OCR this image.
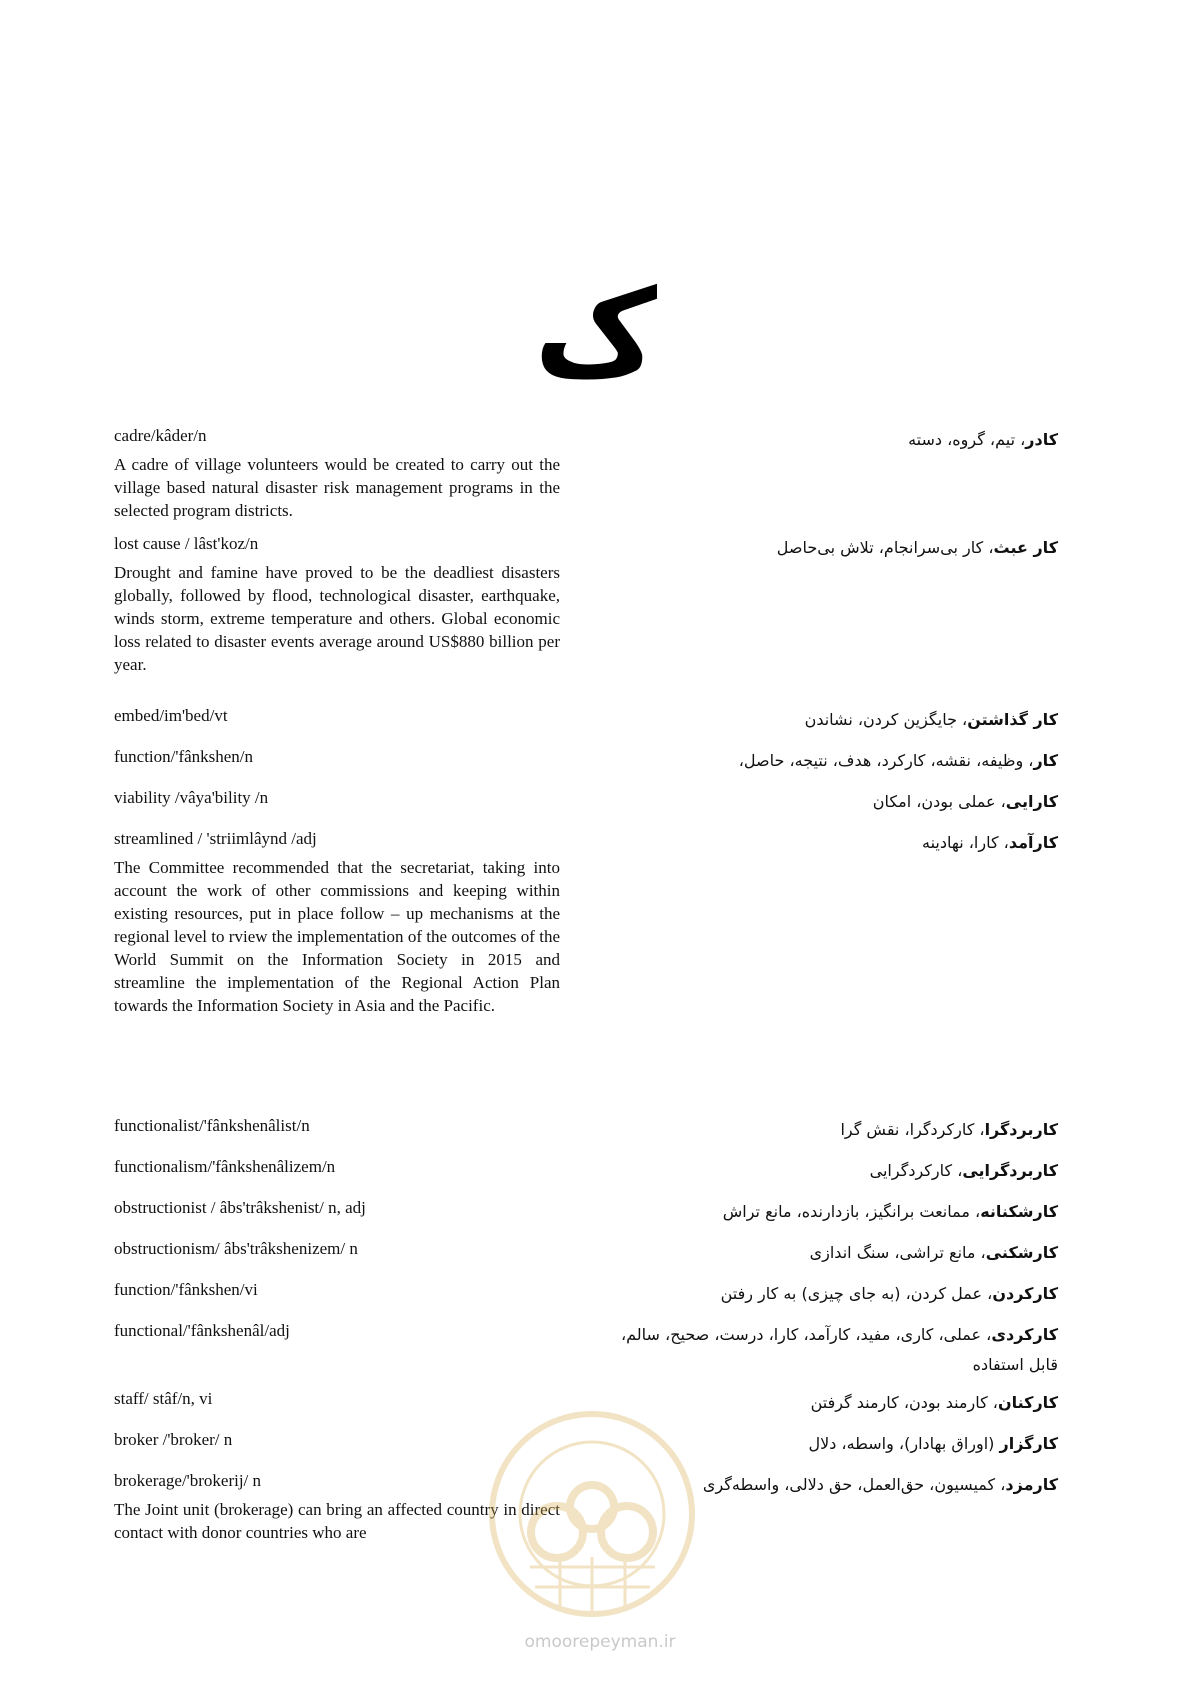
ک
cadre/kâder/n	کادر، تیم، گروه، دسته
A cadre of village volunteers would be created to carry out the village based natural disaster risk management programs in the selected program districts.
lost cause / lâst'koz/n	کار عبث، کار بی‌سرانجام، تلاش بی‌حاصل
Drought and famine have proved to be the deadliest disasters globally, followed by flood, technological disaster, earthquake, winds storm, extreme temperature and others. Global economic loss related to disaster events average around US$880 billion per year.
embed/im'bed/vt	کار گذاشتن، جایگزین کردن، نشاندن
function/'fânkshen/n	کار، وظیفه، نقشه، کارکرد، هدف، نتیجه، حاصل،
viability /vâya'bility /n	کارایی، عملی بودن، امکان
streamlined / 'striimlâynd /adj	کارآمد، کارا، نهادینه
The Committee recommended that the secretariat, taking into account the work of other commissions and keeping within existing resources, put in place follow – up mechanisms at the regional level to rview the implementation of the outcomes of the World Summit on the Information Society in 2015 and streamline the implementation of the Regional Action Plan towards the Information Society in Asia and the Pacific.
functionalist/'fânkshenâlist/n	کاربردگرا، کارکردگرا، نقش گرا
functionalism/'fânkshenâlizem/n	کاربردگرایی، کارکردگرایی
obstructionist / âbs'trâkshenist/ n, adj	کارشکنانه، ممانعت برانگیز، بازدارنده، مانع تراش
obstructionism/ âbs'trâkshenizem/ n	کارشکنی، مانع تراشی، سنگ اندازی
function/'fânkshen/vi	کارکردن، عمل کردن، (به جای چیزی) به کار رفتن
functional/'fânkshenâl/adj	کارکردی، عملی، کاری، مفید، کارآمد، کارا، درست، صحیح، سالم، قابل استفاده
staff/ stâf/n, vi	کارکنان، کارمند بودن، کارمند گرفتن
broker /'broker/ n	کارگزار (اوراق بهادار)، واسطه، دلال
brokerage/'brokerij/ n	کارمزد، کمیسیون، حق‌العمل، حق دلالی، واسطه‌گری
The Joint unit (brokerage) can bring an affected country in direct contact with donor countries who are
omoorepeyman.ir
